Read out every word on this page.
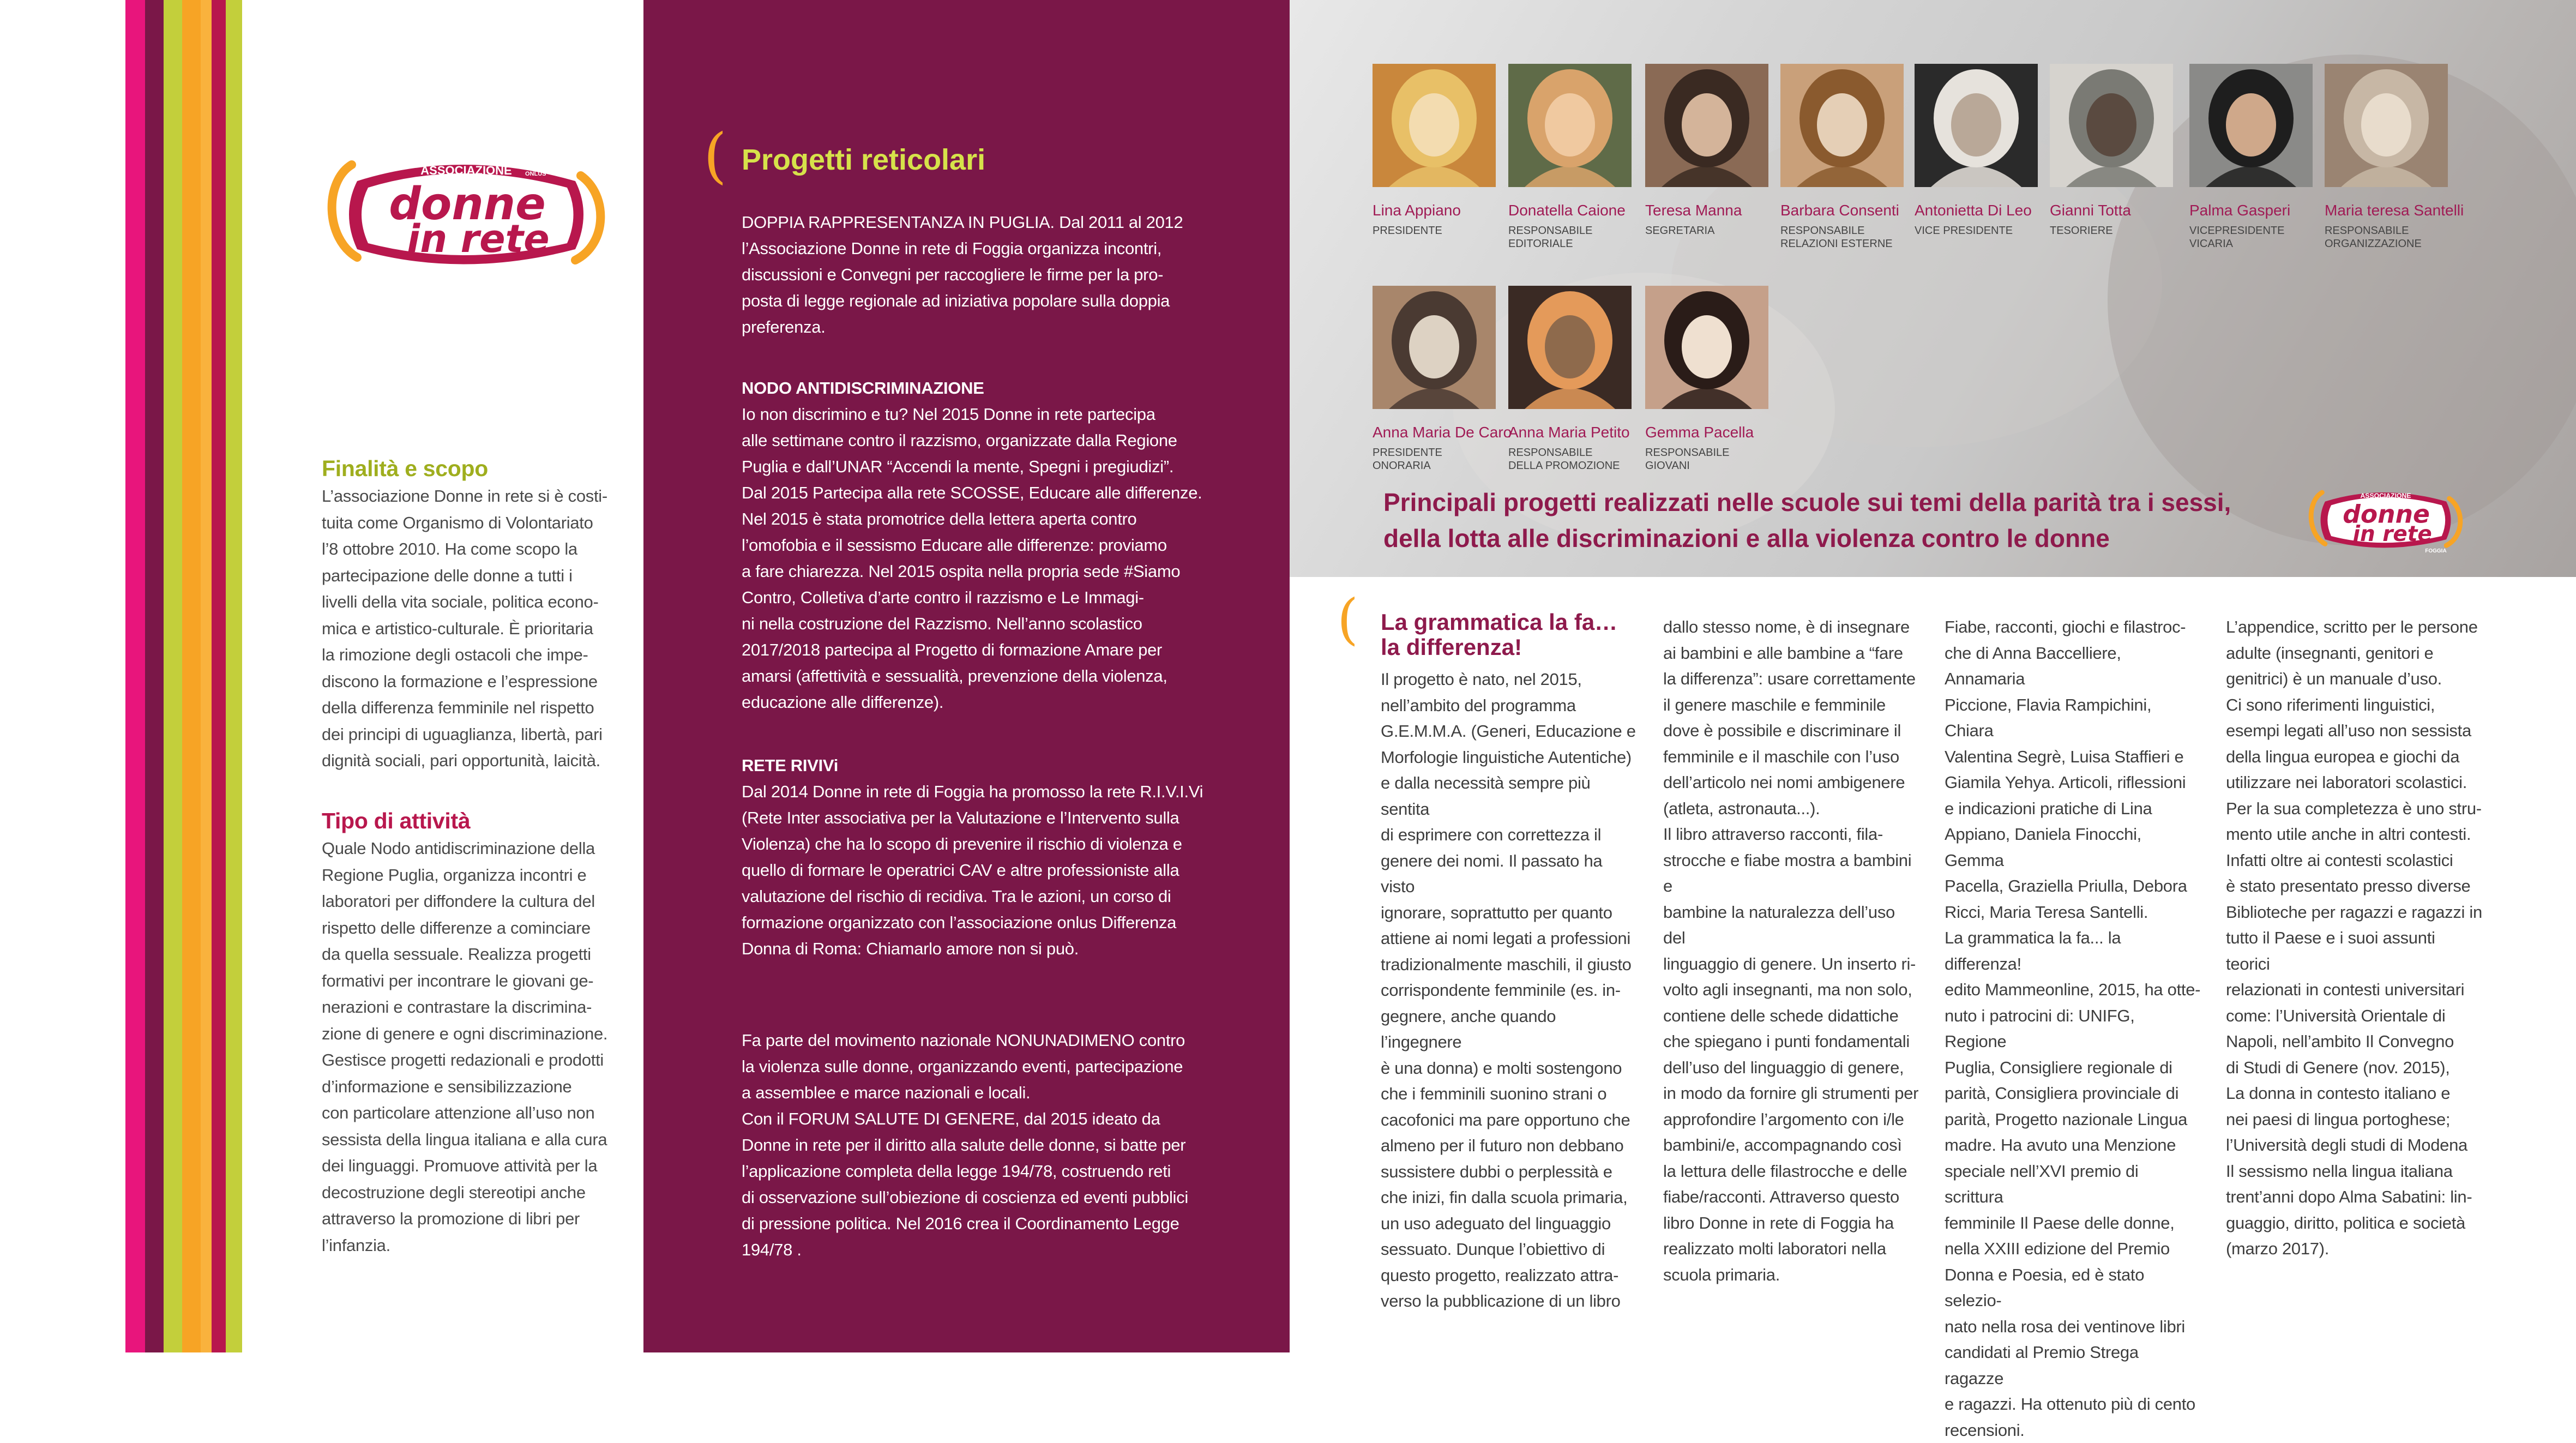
ASSOCIAZIONE ONLUS
donne
in rete
FOGGIA
Finalità e scopo
L’associazione Donne in rete si è costi-
tuita come Organismo di Volontariato
l’8 ottobre 2010. Ha come scopo la
partecipazione delle donne a tutti i
livelli della vita sociale, politica econo-
mica e artistico-culturale. È prioritaria
la rimozione degli ostacoli che impe-
discono la formazione e l’espressione
della differenza femminile nel rispetto
dei principi di uguaglianza, libertà, pari
dignità sociali, pari opportunità, laicità.
Tipo di attività
Quale Nodo antidiscriminazione della
Regione Puglia, organizza incontri e
laboratori per diffondere la cultura del
rispetto delle differenze a cominciare
da quella sessuale. Realizza progetti
formativi per incontrare le giovani ge-
nerazioni e contrastare la discrimina-
zione di genere e ogni discriminazione.
Gestisce progetti redazionali e prodotti
d’informazione e sensibilizzazione
con particolare attenzione all’uso non
sessista della lingua italiana e alla cura
dei linguaggi. Promuove attività per la
decostruzione degli stereotipi anche
attraverso la promozione di libri per
l’infanzia.
( Progetti reticolari
DOPPIA RAPPRESENTANZA IN PUGLIA. Dal 2011 al 2012
l’Associazione Donne in rete di Foggia organizza incontri,
discussioni e Convegni per raccogliere le firme per la pro-
posta di legge regionale ad iniziativa popolare sulla doppia
preferenza.
NODO ANTIDISCRIMINAZIONE
Io non discrimino e tu? Nel 2015 Donne in rete partecipa
alle settimane contro il razzismo, organizzate dalla Regione
Puglia e dall’UNAR “Accendi la mente, Spegni i pregiudizi”.
Dal 2015 Partecipa alla rete SCOSSE, Educare alle differenze.
Nel 2015 è stata promotrice della lettera aperta contro
l’omofobia e il sessismo Educare alle differenze: proviamo
a fare chiarezza. Nel 2015 ospita nella propria sede #Siamo
Contro, Colletiva d’arte contro il razzismo e Le Immagi-
ni nella costruzione del Razzismo. Nell’anno scolastico
2017/2018 partecipa al Progetto di formazione Amare per
amarsi (affettività e sessualità, prevenzione della violenza,
educazione alle differenze).
RETE RIVIVi
Dal 2014 Donne in rete di Foggia ha promosso la rete R.I.V.I.Vi
(Rete Inter associativa per la Valutazione e l’Intervento sulla
Violenza) che ha lo scopo di prevenire il rischio di violenza e
quello di formare le operatrici CAV e altre professioniste alla
valutazione del rischio di recidiva. Tra le azioni, un corso di
formazione organizzato con l’associazione onlus Differenza
Donna di Roma: Chiamarlo amore non si può.
Fa parte del movimento nazionale NONUNADIMENO contro
la violenza sulle donne, organizzando eventi, partecipazione
a assemblee e marce nazionali e locali.
Con il FORUM SALUTE DI GENERE, dal 2015 ideato da
Donne in rete per il diritto alla salute delle donne, si batte per
l’applicazione completa della legge 194/78, costruendo reti
di osservazione sull’obiezione di coscienza ed eventi pubblici
di pressione politica. Nel 2016 crea il Coordinamento Legge
194/78 .
Lina Appiano
PRESIDENTE
Donatella Caione
RESPONSABILE
EDITORIALE
Teresa Manna
SEGRETARIA
Barbara Consenti
RESPONSABILE
RELAZIONI ESTERNE
Antonietta Di Leo
VICE PRESIDENTE
Gianni Totta
TESORIERE
Palma Gasperi
VICEPRESIDENTE
VICARIA
Maria teresa Santelli
RESPONSABILE
ORGANIZZAZIONE
Anna Maria De Caro
PRESIDENTE
ONORARIA
Anna Maria Petito
RESPONSABILE
DELLA PROMOZIONE
Gemma Pacella
RESPONSABILE
GIOVANI
Principali progetti realizzati nelle scuole sui temi della parità tra i sessi,
della lotta alle discriminazioni e alla violenza contro le donne
ASSOCIAZIONE
donne
in rete
FOGGIA
( La grammatica la fa…
la differenza!
Il progetto è nato, nel 2015,
nell’ambito del programma
G.E.M.M.A. (Generi, Educazione e
Morfologie linguistiche Autentiche)
e dalla necessità sempre più sentita
di esprimere con correttezza il
genere dei nomi. Il passato ha visto
ignorare, soprattutto per quanto
attiene ai nomi legati a professioni
tradizionalmente maschili, il giusto
corrispondente femminile (es. in-
gegnere, anche quando l’ingegnere
è una donna) e molti sostengono
che i femminili suonino strani o
cacofonici ma pare opportuno che
almeno per il futuro non debbano
sussistere dubbi o perplessità e
che inizi, fin dalla scuola primaria,
un uso adeguato del linguaggio
sessuato. Dunque l’obiettivo di
questo progetto, realizzato attra-
verso la pubblicazione di un libro
dallo stesso nome, è di insegnare
ai bambini e alle bambine a “fare
la differenza”: usare correttamente
il genere maschile e femminile
dove è possibile e discriminare il
femminile e il maschile con l’uso
dell’articolo nei nomi ambigenere
(atleta, astronauta...).
Il libro attraverso racconti, fila-
strocche e fiabe mostra a bambini e
bambine la naturalezza dell’uso del
linguaggio di genere. Un inserto ri-
volto agli insegnanti, ma non solo,
contiene delle schede didattiche
che spiegano i punti fondamentali
dell’uso del linguaggio di genere,
in modo da fornire gli strumenti per
approfondire l’argomento con i/le
bambini/e, accompagnando così
la lettura delle filastrocche e delle
fiabe/racconti. Attraverso questo
libro Donne in rete di Foggia ha
realizzato molti laboratori nella
scuola primaria.
Fiabe, racconti, giochi e filastroc-
che di Anna Baccelliere, Annamaria
Piccione, Flavia Rampichini, Chiara
Valentina Segrè, Luisa Staffieri e
Giamila Yehya. Articoli, riflessioni
e indicazioni pratiche di Lina
Appiano, Daniela Finocchi, Gemma
Pacella, Graziella Priulla, Debora
Ricci, Maria Teresa Santelli.
La grammatica la fa... la differenza!
edito Mammeonline, 2015, ha otte-
nuto i patrocini di: UNIFG, Regione
Puglia, Consigliere regionale di
parità, Consigliera provinciale di
parità, Progetto nazionale Lingua
madre. Ha avuto una Menzione
speciale nell’XVI premio di scrittura
femminile Il Paese delle donne,
nella XXIII edizione del Premio
Donna e Poesia, ed è stato selezio-
nato nella rosa dei ventinove libri
candidati al Premio Strega ragazze
e ragazzi. Ha ottenuto più di cento
recensioni.
L’appendice, scritto per le persone
adulte (insegnanti, genitori e
genitrici) è un manuale d’uso.
Ci sono riferimenti linguistici,
esempi legati all’uso non sessista
della lingua europea e giochi da
utilizzare nei laboratori scolastici.
Per la sua completezza è uno stru-
mento utile anche in altri contesti.
Infatti oltre ai contesti scolastici
è stato presentato presso diverse
Biblioteche per ragazzi e ragazzi in
tutto il Paese e i suoi assunti teorici
relazionati in contesti universitari
come: l’Università Orientale di
Napoli, nell’ambito Il Convegno
di Studi di Genere (nov. 2015),
La donna in contesto italiano e
nei paesi di lingua portoghese;
l’Università degli studi di Modena
Il sessismo nella lingua italiana
trent’anni dopo Alma Sabatini: lin-
guaggio, diritto, politica e società
(marzo 2017).
